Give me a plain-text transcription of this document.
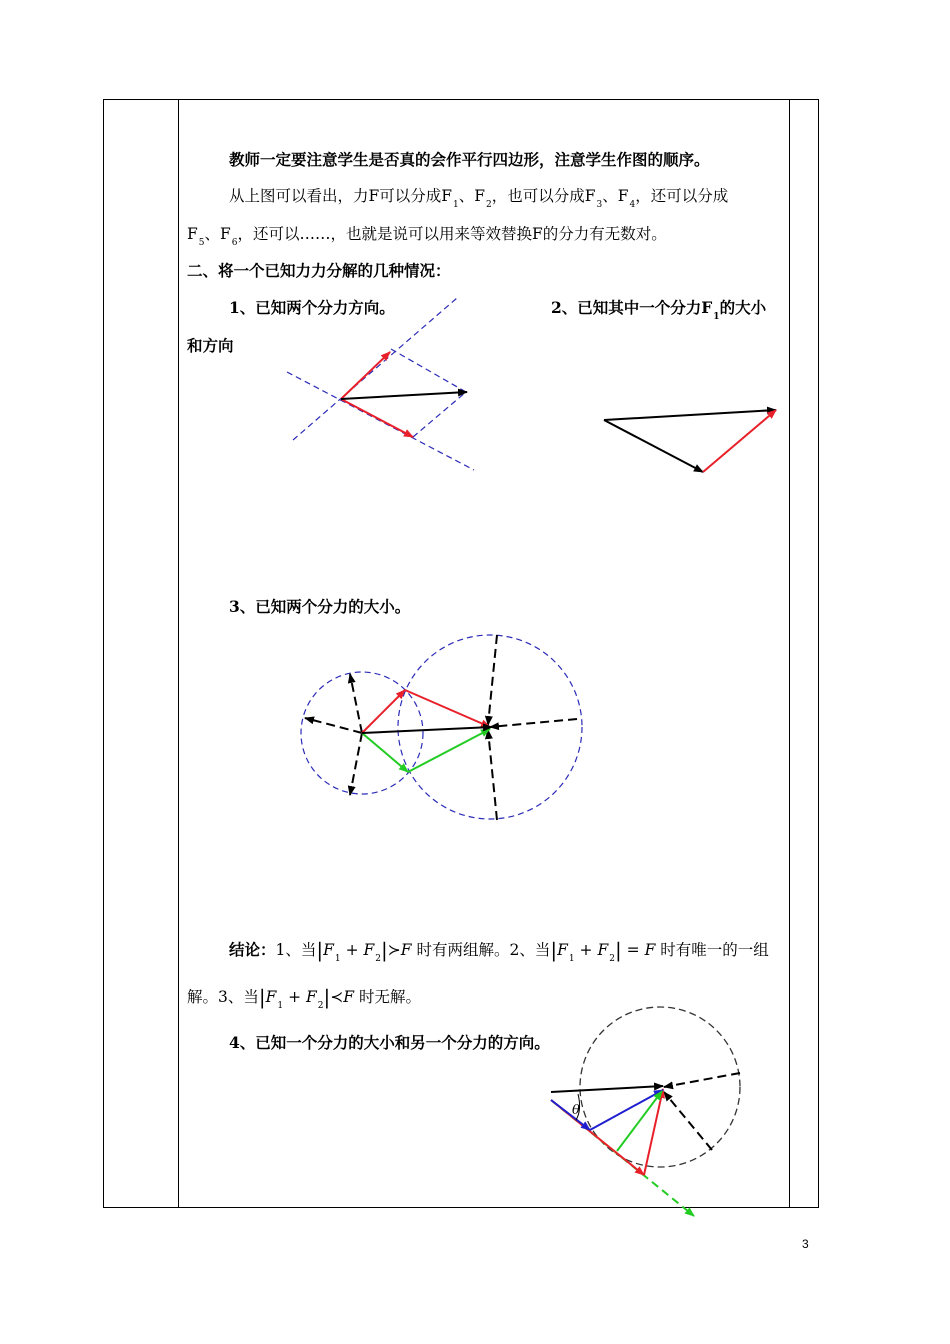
教师一定要注意学生是否真的会作平行四边形，注意学生作图的顺序。
从上图可以看出，力F可以分成$F_1$、$F_2$，也可以分成$F_3$、$F_4$，还可以分成
$F_5$、$F_6$，还可以……，也就是说可以用来等效替换F的分力有无数对。
二、将一个已知力力分解的几种情况：
1、已知两个分力方向。	2、已知其中一个分力$F_1$的大小
和方向
θ
3、已知两个分力的大小。
结论：1、当$|F_1$ + $F_2|≻F$ 时有两组解。2、当$|F_1 + F_2| = F$ 时有唯一的一组
解。3、当$|F_1$ + $F_2|≺F$ 时无解。
4、已知一个分力的大小和另一个分力的方向。
3
